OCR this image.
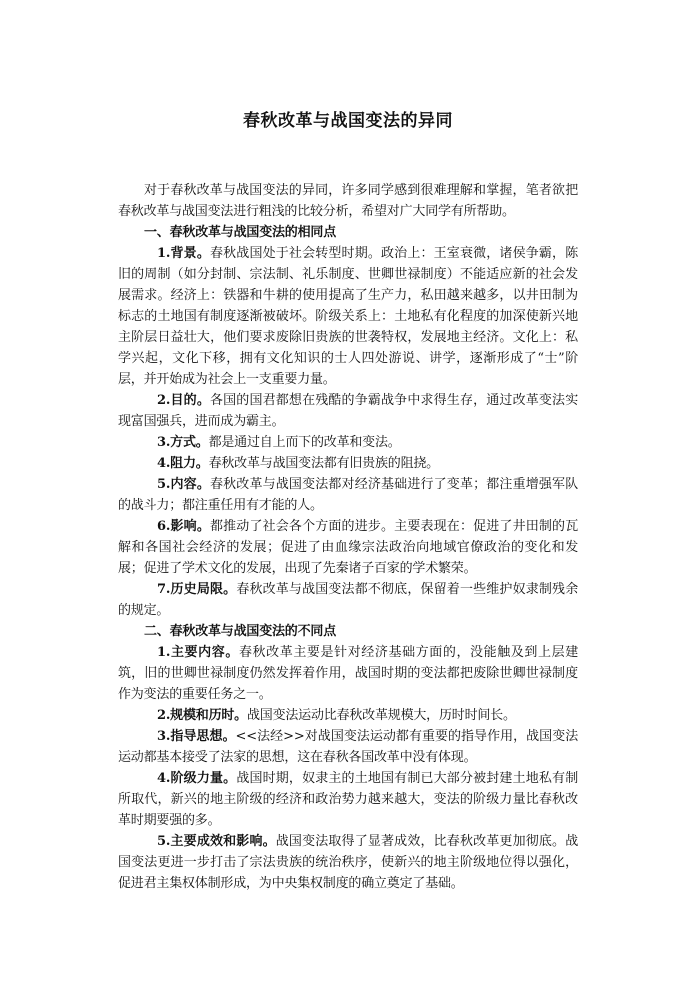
春秋改革与战国变法的异同

对于春秋改革与战国变法的异同，许多同学感到很难理解和掌握，笔者欲把春秋改革与战国变法进行粗浅的比较分析，希望对广大同学有所帮助。

一、春秋改革与战国变法的相同点

1.背景。春秋战国处于社会转型时期。政治上：王室衰微，诸侯争霸，陈旧的周制（如分封制、宗法制、礼乐制度、世卿世禄制度）不能适应新的社会发展需求。经济上：铁器和牛耕的使用提高了生产力，私田越来越多，以井田制为标志的土地国有制度逐渐被破坏。阶级关系上：土地私有化程度的加深使新兴地主阶层日益壮大，他们要求废除旧贵族的世袭特权，发展地主经济。文化上：私学兴起，文化下移，拥有文化知识的士人四处游说、讲学，逐渐形成了“士”阶层，并开始成为社会上一支重要力量。

2.目的。各国的国君都想在残酷的争霸战争中求得生存，通过改革变法实现富国强兵，进而成为霸主。

3.方式。都是通过自上而下的改革和变法。

4.阻力。春秋改革与战国变法都有旧贵族的阻挠。

5.内容。春秋改革与战国变法都对经济基础进行了变革；都注重增强军队的战斗力；都注重任用有才能的人。

6.影响。都推动了社会各个方面的进步。主要表现在：促进了井田制的瓦解和各国社会经济的发展；促进了由血缘宗法政治向地域官僚政治的变化和发展；促进了学术文化的发展，出现了先秦诸子百家的学术繁荣。

7.历史局限。春秋改革与战国变法都不彻底，保留着一些维护奴隶制残余的规定。

二、春秋改革与战国变法的不同点

1.主要内容。春秋改革主要是针对经济基础方面的，没能触及到上层建筑，旧的世卿世禄制度仍然发挥着作用，战国时期的变法都把废除世卿世禄制度作为变法的重要任务之一。

2.规模和历时。战国变法运动比春秋改革规模大，历时时间长。

3.指导思想。<<法经>>对战国变法运动都有重要的指导作用，战国变法运动都基本接受了法家的思想，这在春秋各国改革中没有体现。

4.阶级力量。战国时期，奴隶主的土地国有制已大部分被封建土地私有制所取代，新兴的地主阶级的经济和政治势力越来越大，变法的阶级力量比春秋改革时期要强的多。

5.主要成效和影响。战国变法取得了显著成效，比春秋改革更加彻底。战国变法更进一步打击了宗法贵族的统治秩序，使新兴的地主阶级地位得以强化，促进君主集权体制形成，为中央集权制度的确立奠定了基础。
